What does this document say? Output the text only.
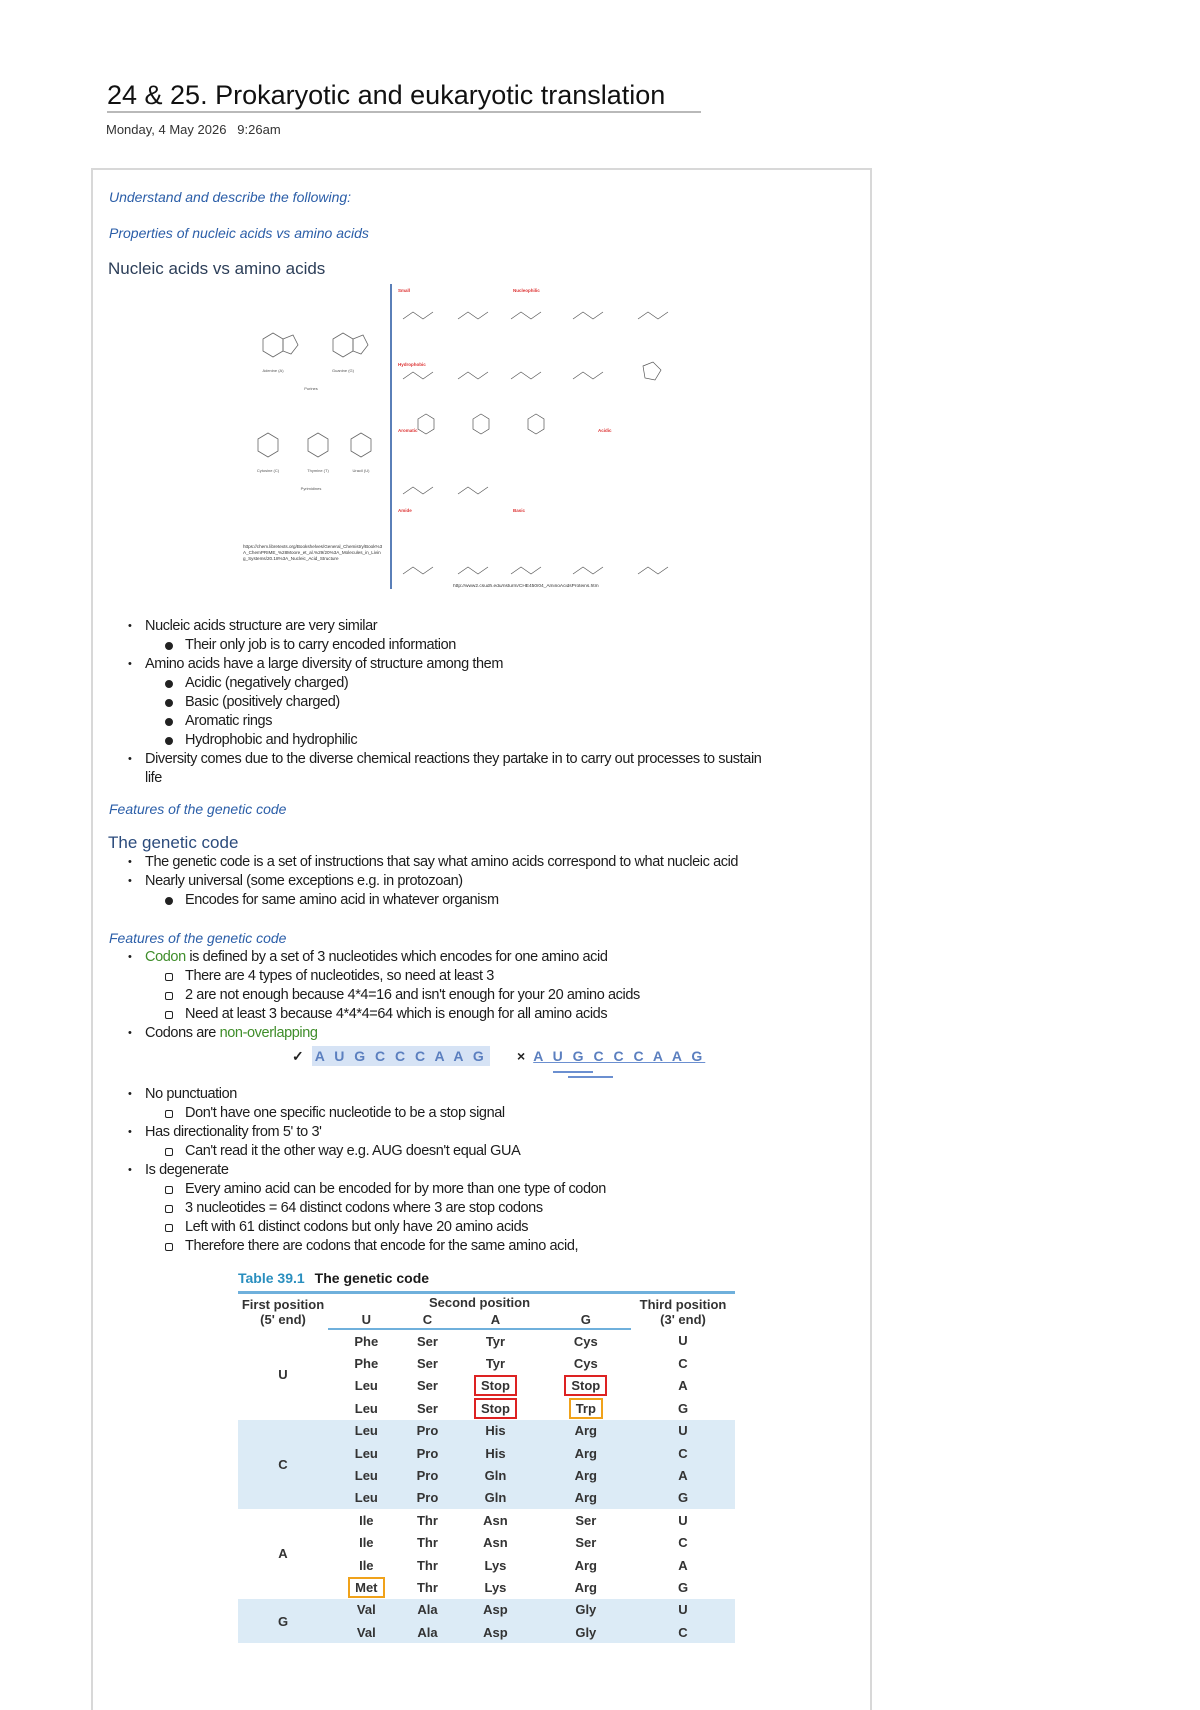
24 & 25. Prokaryotic and eukaryotic translation
Monday, 4 May 2026 9:26am
Understand and describe the following:
Properties of nucleic acids vs amino acids
Nucleic acids vs amino acids
Adenine (A)	Guanine (G)
Purines
Cytosine (C)	Thymine (T)	Uracil (U)
Pyrimidines
https://chem.libretexts.org/Bookshelves/General_Chemistry/Book%3A_ChemPRIME_%28Moore_et_al.%29/20%3A_Molecules_in_Living_Systems/20.18%3A_Nucleic_Acid_Structure
Small	Nucleophilic
Hydrophobic
Aromatic	Acidic
Amide	Basic
http://www2.csudh.edu/nsturm/CHE450/04_AminoAcidsProteins.htm
• Nucleic acids structure are very similar
Their only job is to carry encoded information
• Amino acids have a large diversity of structure among them
Acidic (negatively charged)
Basic (positively charged)
Aromatic rings
Hydrophobic and hydrophilic
• Diversity comes due to the diverse chemical reactions they partake in to carry out processes to sustain
life
Features of the genetic code
The genetic code
• The genetic code is a set of instructions that say what amino acids correspond to what nucleic acid
• Nearly universal (some exceptions e.g. in protozoan)
Encodes for same amino acid in whatever organism
Features of the genetic code
• Codon is defined by a set of 3 nucleotides which encodes for one amino acid
There are 4 types of nucleotides, so need at least 3
2 are not enough because 4*4=16 and isn't enough for your 20 amino acids
Need at least 3 because 4*4*4=64 which is enough for all amino acids
• Codons are non-overlapping
✓ A U G C C C A A G × A U G C C C A A G
• No punctuation
Don't have one specific nucleotide to be a stop signal
• Has directionality from 5' to 3'
Can't read it the other way e.g. AUG doesn't equal GUA
• Is degenerate
Every amino acid can be encoded for by more than one type of codon
3 nucleotides = 64 distinct codons where 3 are stop codons
Left with 61 distinct codons but only have 20 amino acids
Therefore there are codons that encode for the same amino acid,
Table 39.1 The genetic code
First position (5' end)	Second position				Third position (3' end)
	U	C	A	G	
U	Phe	Ser	Tyr	Cys	U
	Phe	Ser	Tyr	Cys	C
	Leu	Ser	Stop	Stop	A
	Leu	Ser	Stop	Trp	G
C	Leu	Pro	His	Arg	U
	Leu	Pro	His	Arg	C
	Leu	Pro	Gln	Arg	A
	Leu	Pro	Gln	Arg	G
A	Ile	Thr	Asn	Ser	U
	Ile	Thr	Asn	Ser	C
	Ile	Thr	Lys	Arg	A
	Met	Thr	Lys	Arg	G
G	Val	Ala	Asp	Gly	U
	Val	Ala	Asp	Gly	C
